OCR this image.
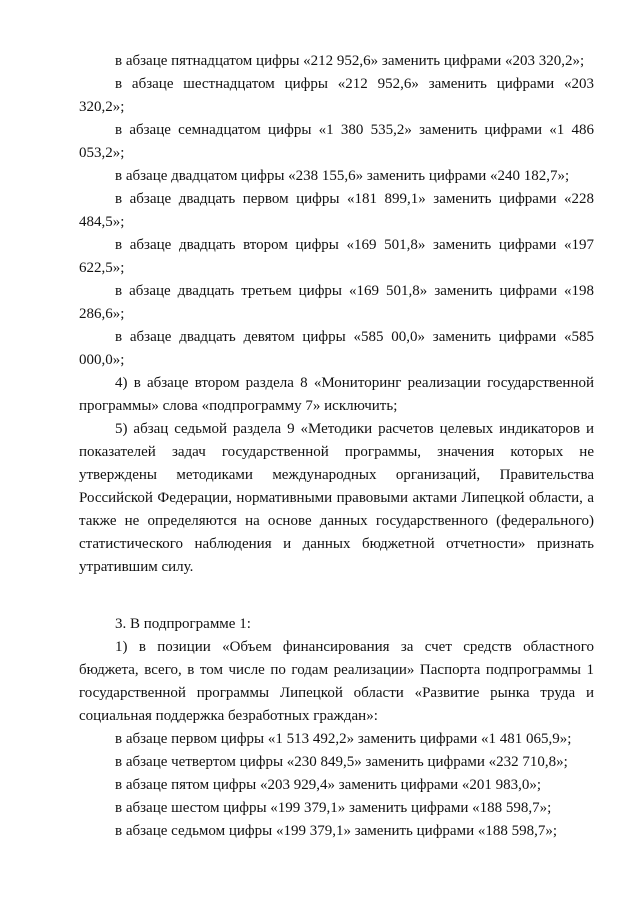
в абзаце пятнадцатом цифры «212 952,6» заменить цифрами «203 320,2»;

в абзаце шестнадцатом цифры «212 952,6» заменить цифрами «203 320,2»;

в абзаце семнадцатом цифры «1 380 535,2» заменить цифрами «1 486 053,2»;

в абзаце двадцатом цифры «238 155,6» заменить цифрами «240 182,7»;

в абзаце двадцать первом цифры «181 899,1» заменить цифрами «228 484,5»;

в абзаце двадцать втором цифры «169 501,8» заменить цифрами «197 622,5»;

в абзаце двадцать третьем цифры «169 501,8» заменить цифрами «198 286,6»;

в абзаце двадцать девятом цифры «585 00,0» заменить цифрами «585 000,0»;

4) в абзаце втором раздела 8 «Мониторинг реализации государственной программы» слова «подпрограмму 7» исключить;

5) абзац седьмой раздела 9 «Методики расчетов целевых индикаторов и показателей задач государственной программы, значения которых не утверждены методиками международных организаций, Правительства Российской Федерации, нормативными правовыми актами Липецкой области, а также не определяются на основе данных государственного (федерального) статистического наблюдения и данных бюджетной отчетности» признать утратившим силу.

3. В подпрограмме 1:

1) в позиции «Объем финансирования за счет средств областного бюджета, всего, в том числе по годам реализации» Паспорта подпрограммы 1 государственной программы Липецкой области «Развитие рынка труда и социальная поддержка безработных граждан»:

в абзаце первом цифры «1 513 492,2» заменить цифрами «1 481 065,9»;

в абзаце четвертом цифры «230 849,5» заменить цифрами «232 710,8»;

в абзаце пятом цифры «203 929,4» заменить цифрами «201 983,0»;

в абзаце шестом цифры «199 379,1» заменить цифрами «188 598,7»;

в абзаце седьмом цифры «199 379,1» заменить цифрами «188 598,7»;
